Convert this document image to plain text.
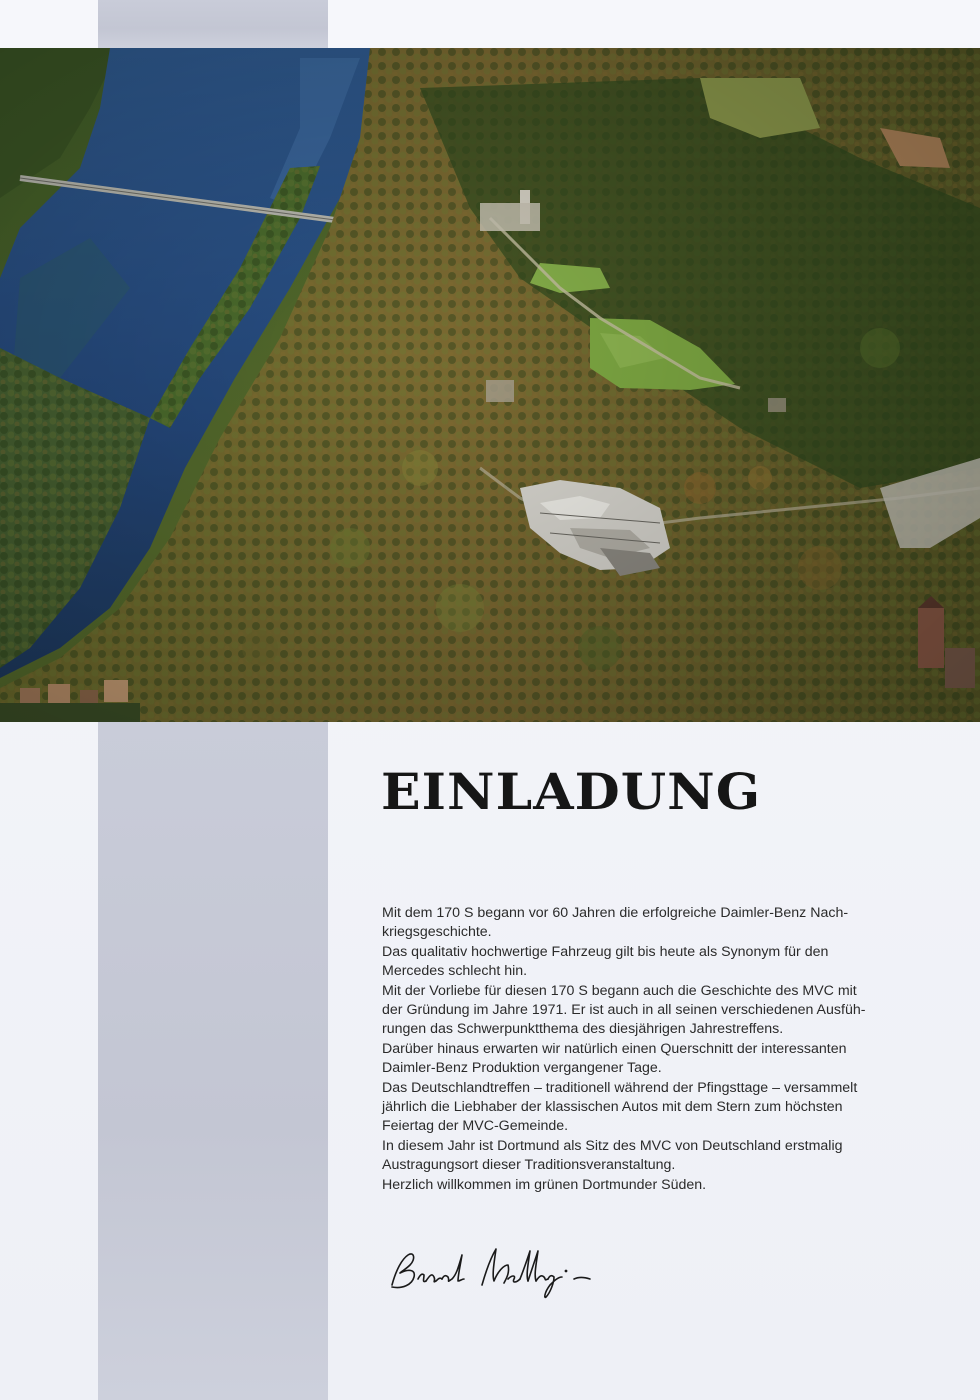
EINLADUNG
Mit dem 170 S begann vor 60 Jahren die erfolgreiche Daimler-Benz Nach-
kriegsgeschichte.
Das qualitativ hochwertige Fahrzeug gilt bis heute als Synonym für den
Mercedes schlecht hin.
Mit der Vorliebe für diesen 170 S begann auch die Geschichte des MVC mit
der Gründung im Jahre 1971. Er ist auch in all seinen verschiedenen Ausfüh-
rungen das Schwerpunktthema des diesjährigen Jahrestreffens.
Darüber hinaus erwarten wir natürlich einen Querschnitt der interessanten
Daimler-Benz Produktion vergangener Tage.
Das Deutschlandtreffen – traditionell während der Pfingsttage – versammelt
jährlich die Liebhaber der klassischen Autos mit dem Stern zum höchsten
Feiertag der MVC-Gemeinde.
In diesem Jahr ist Dortmund als Sitz des MVC von Deutschland erstmalig
Austragungsort dieser Traditionsveranstaltung.
Herzlich willkommen im grünen Dortmunder Süden.
